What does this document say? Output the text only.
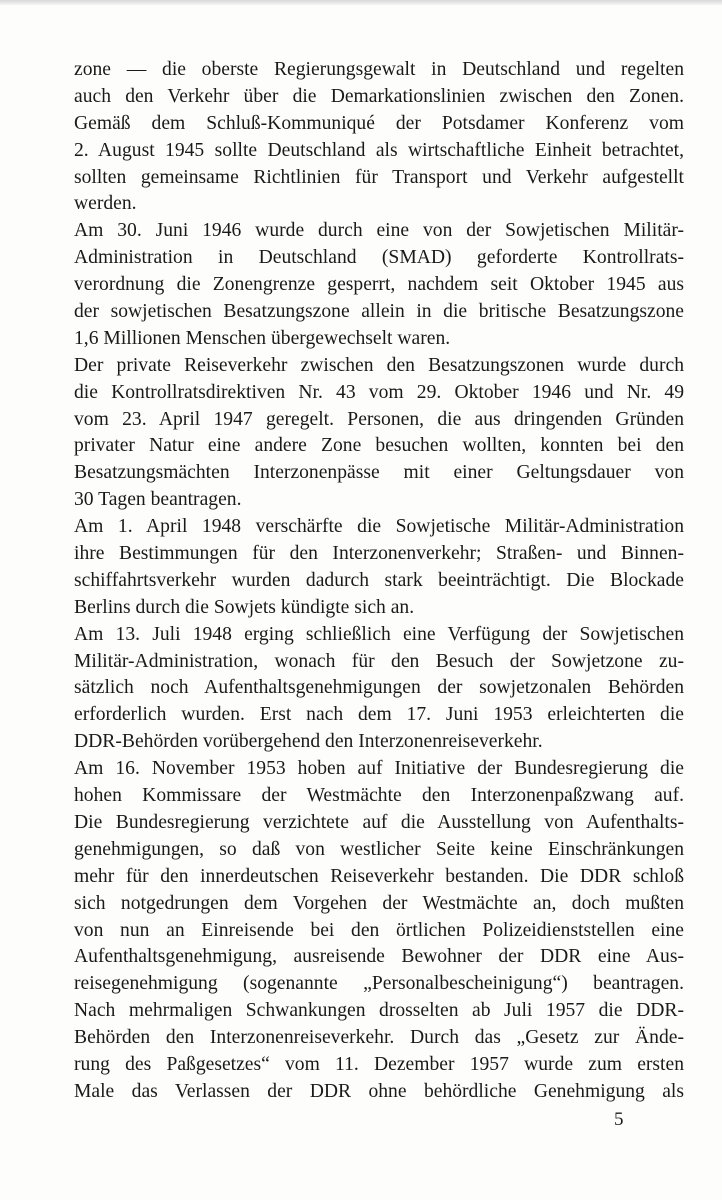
zone — die oberste Regierungsgewalt in Deutschland und regelten
auch den Verkehr über die Demarkationslinien zwischen den Zonen.
Gemäß dem Schluß-Kommuniqué der Potsdamer Konferenz vom
2. August 1945 sollte Deutschland als wirtschaftliche Einheit betrachtet,
sollten gemeinsame Richtlinien für Transport und Verkehr aufgestellt
werden.
Am 30. Juni 1946 wurde durch eine von der Sowjetischen Militär-
Administration in Deutschland (SMAD) geforderte Kontrollrats-
verordnung die Zonengrenze gesperrt, nachdem seit Oktober 1945 aus
der sowjetischen Besatzungszone allein in die britische Besatzungszone
1,6 Millionen Menschen übergewechselt waren.
Der private Reiseverkehr zwischen den Besatzungszonen wurde durch
die Kontrollratsdirektiven Nr. 43 vom 29. Oktober 1946 und Nr. 49
vom 23. April 1947 geregelt. Personen, die aus dringenden Gründen
privater Natur eine andere Zone besuchen wollten, konnten bei den
Besatzungsmächten Interzonenpässe mit einer Geltungsdauer von
30 Tagen beantragen.
Am 1. April 1948 verschärfte die Sowjetische Militär-Administration
ihre Bestimmungen für den Interzonenverkehr; Straßen- und Binnen-
schiffahrtsverkehr wurden dadurch stark beeinträchtigt. Die Blockade
Berlins durch die Sowjets kündigte sich an.
Am 13. Juli 1948 erging schließlich eine Verfügung der Sowjetischen
Militär-Administration, wonach für den Besuch der Sowjetzone zu-
sätzlich noch Aufenthaltsgenehmigungen der sowjetzonalen Behörden
erforderlich wurden. Erst nach dem 17. Juni 1953 erleichterten die
DDR-Behörden vorübergehend den Interzonenreiseverkehr.
Am 16. November 1953 hoben auf Initiative der Bundesregierung die
hohen Kommissare der Westmächte den Interzonenpaßzwang auf.
Die Bundesregierung verzichtete auf die Ausstellung von Aufenthalts-
genehmigungen, so daß von westlicher Seite keine Einschränkungen
mehr für den innerdeutschen Reiseverkehr bestanden. Die DDR schloß
sich notgedrungen dem Vorgehen der Westmächte an, doch mußten
von nun an Einreisende bei den örtlichen Polizeidienststellen eine
Aufenthaltsgenehmigung, ausreisende Bewohner der DDR eine Aus-
reisegenehmigung (sogenannte „Personalbescheinigung“) beantragen.
Nach mehrmaligen Schwankungen drosselten ab Juli 1957 die DDR-
Behörden den Interzonenreiseverkehr. Durch das „Gesetz zur Ände-
rung des Paßgesetzes“ vom 11. Dezember 1957 wurde zum ersten
Male das Verlassen der DDR ohne behördliche Genehmigung als
5
